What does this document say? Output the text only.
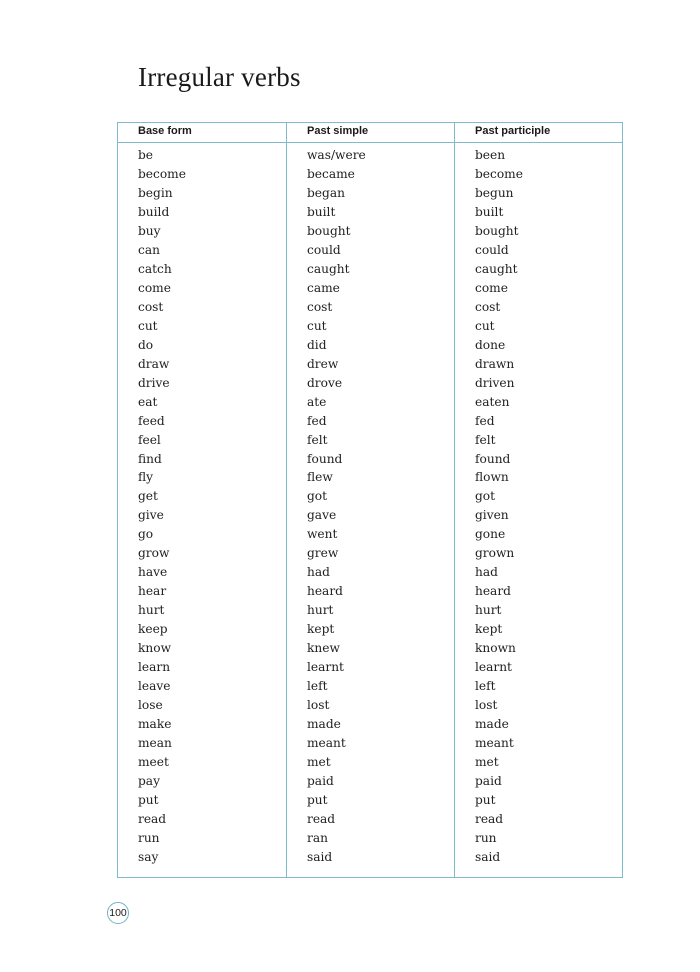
Irregular verbs
Base form	Past simple	Past participle
be	was/were	been
become	became	become
begin	began	begun
build	built	built
buy	bought	bought
can	could	could
catch	caught	caught
come	came	come
cost	cost	cost
cut	cut	cut
do	did	done
draw	drew	drawn
drive	drove	driven
eat	ate	eaten
feed	fed	fed
feel	felt	felt
find	found	found
fly	flew	flown
get	got	got
give	gave	given
go	went	gone
grow	grew	grown
have	had	had
hear	heard	heard
hurt	hurt	hurt
keep	kept	kept
know	knew	known
learn	learnt	learnt
leave	left	left
lose	lost	lost
make	made	made
mean	meant	meant
meet	met	met
pay	paid	paid
put	put	put
read	read	read
run	ran	run
say	said	said
100
